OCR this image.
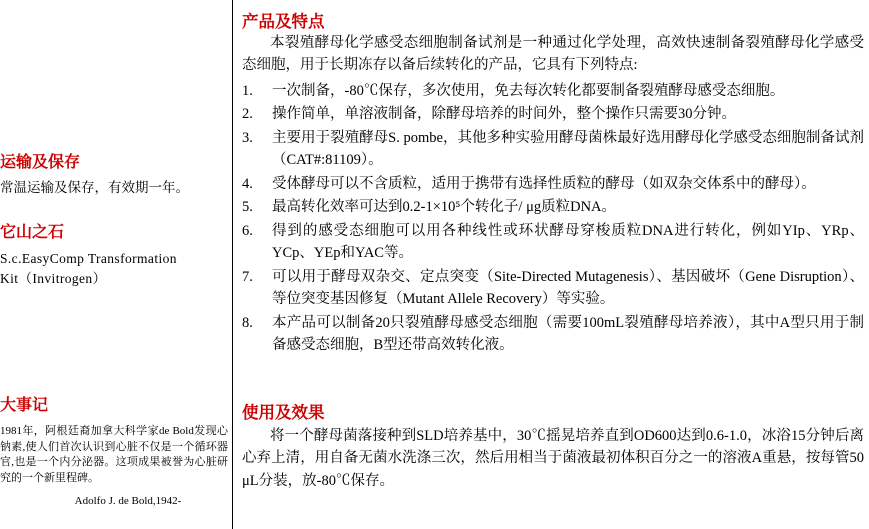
运输及保存
常温运输及保存，有效期一年。
它山之石
S.c.EasyComp Transformation
Kit（Invitrogen）
大事记
1981年，阿根廷裔加拿大科学家de Bold发现心钠素,使人们首次认识到心脏不仅是一个循环器官,也是一个内分泌器。这项成果被誉为心脏研究的一个新里程碑。
Adolfo J. de Bold,1942-
产品及特点
本裂殖酵母化学感受态细胞制备试剂是一种通过化学处理，高效快速制备裂殖酵母化学感受态细胞，用于长期冻存以备后续转化的产品，它具有下列特点:
1.	一次制备，-80℃保存，多次使用，免去每次转化都要制备裂殖酵母感受态细胞。
2.	操作简单，单溶液制备，除酵母培养的时间外，整个操作只需要30分钟。
3.	主要用于裂殖酵母S. pombe，其他多种实验用酵母菌株最好选用酵母化学感受态细胞制备试剂（CAT#:81109）。
4.	受体酵母可以不含质粒，适用于携带有选择性质粒的酵母（如双杂交体系中的酵母）。
5.	最高转化效率可达到0.2-1×10⁵个转化子/ μg质粒DNA。
6.	得到的感受态细胞可以用各种线性或环状酵母穿梭质粒DNA进行转化，例如YIp、YRp、YCp、YEp和YAC等。
7.	可以用于酵母双杂交、定点突变（Site-Directed Mutagenesis）、基因破坏（Gene Disruption）、等位突变基因修复（Mutant Allele Recovery）等实验。
8.	本产品可以制备20只裂殖酵母感受态细胞（需要100mL裂殖酵母培养液），其中A型只用于制备感受态细胞，B型还带高效转化液。
使用及效果
将一个酵母菌落接种到SLD培养基中，30℃摇晃培养直到OD600达到0.6-1.0，冰浴15分钟后离心弃上清，用自备无菌水洗涤三次，然后用相当于菌液最初体积百分之一的溶液A重悬，按每管50 μL分装，放-80℃保存。
